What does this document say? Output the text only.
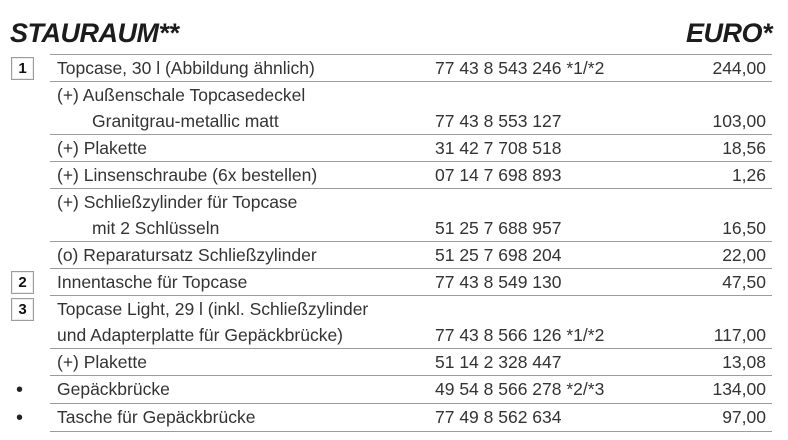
STAURAUM**	EURO*
1	Topcase, 30 l (Abbildung ähnlich)	77 43 8 543 246 *1/*2	244,00
(+) Außenschale Topcasedeckel
Granitgrau-metallic matt	77 43 8 553 127	103,00
(+) Plakette	31 42 7 708 518	18,56
(+) Linsenschraube (6x bestellen)	07 14 7 698 893	1,26
(+) Schließzylinder für Topcase
mit 2 Schlüsseln	51 25 7 688 957	16,50
(o) Reparatursatz Schließzylinder	51 25 7 698 204	22,00
2	Innentasche für Topcase	77 43 8 549 130	47,50
3	Topcase Light, 29 l (inkl. Schließzylinder
und Adapterplatte für Gepäckbrücke)	77 43 8 566 126 *1/*2	117,00
(+) Plakette	51 14 2 328 447	13,08
•	Gepäckbrücke	49 54 8 566 278 *2/*3	134,00
•	Tasche für Gepäckbrücke	77 49 8 562 634	97,00
